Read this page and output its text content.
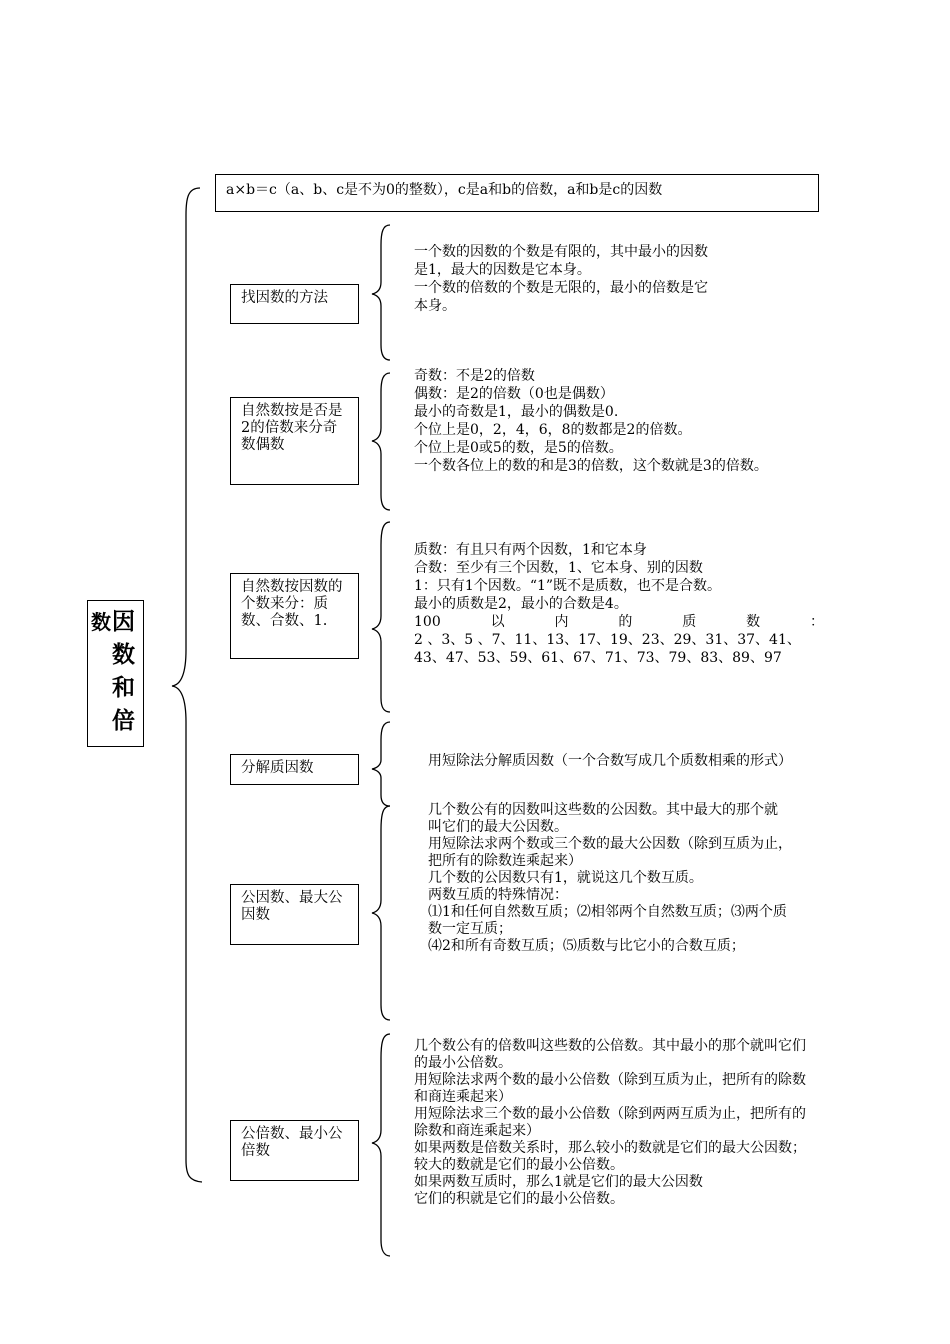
数 因
数
和
倍
a×b＝c（a、b、c是不为0的整数），c是a和b的倍数，a和b是c的因数
找因数的方法
一个数的因数的个数是有限的，其中最小的因数
是1，最大的因数是它本身。
一个数的倍数的个数是无限的，最小的倍数是它
本身。
自然数按是否是2的倍数来分奇数偶数
奇数：不是2的倍数
偶数：是2的倍数（0也是偶数）
最小的奇数是1，最小的偶数是0.
个位上是0，2，4，6，8的数都是2的倍数。
个位上是0或5的数，是5的倍数。
一个数各位上的数的和是3的倍数，这个数就是3的倍数。
自然数按因数的个数来分：质数、合数、1.
质数：有且只有两个因数，1和它本身
合数：至少有三个因数，1、它本身、别的因数
1：只有1个因数。“1”既不是质数，也不是合数。
最小的质数是2，最小的合数是4。
100	以	内	的	质	数	：
2 、3、5 、7、11、13、17、19、23、29、31、37、41、
43、47、53、59、61、67、71、73、79、83、89、97
分解质因数	用短除法分解质因数（一个合数写成几个质数相乘的形式）
公因数、最大公因数
几个数公有的因数叫这些数的公因数。其中最大的那个就
叫它们的最大公因数。
用短除法求两个数或三个数的最大公因数（除到互质为止，
把所有的除数连乘起来）
几个数的公因数只有1，就说这几个数互质。
两数互质的特殊情况：
⑴1和任何自然数互质；⑵相邻两个自然数互质；⑶两个质
数一定互质；
⑷2和所有奇数互质；⑸质数与比它小的合数互质；
公倍数、最小公倍数
几个数公有的倍数叫这些数的公倍数。其中最小的那个就叫它们
的最小公倍数。
用短除法求两个数的最小公倍数（除到互质为止，把所有的除数
和商连乘起来）
用短除法求三个数的最小公倍数（除到两两互质为止，把所有的
除数和商连乘起来）
如果两数是倍数关系时，那么较小的数就是它们的最大公因数；
较大的数就是它们的最小公倍数。
如果两数互质时，那么1就是它们的最大公因数
它们的积就是它们的最小公倍数。
